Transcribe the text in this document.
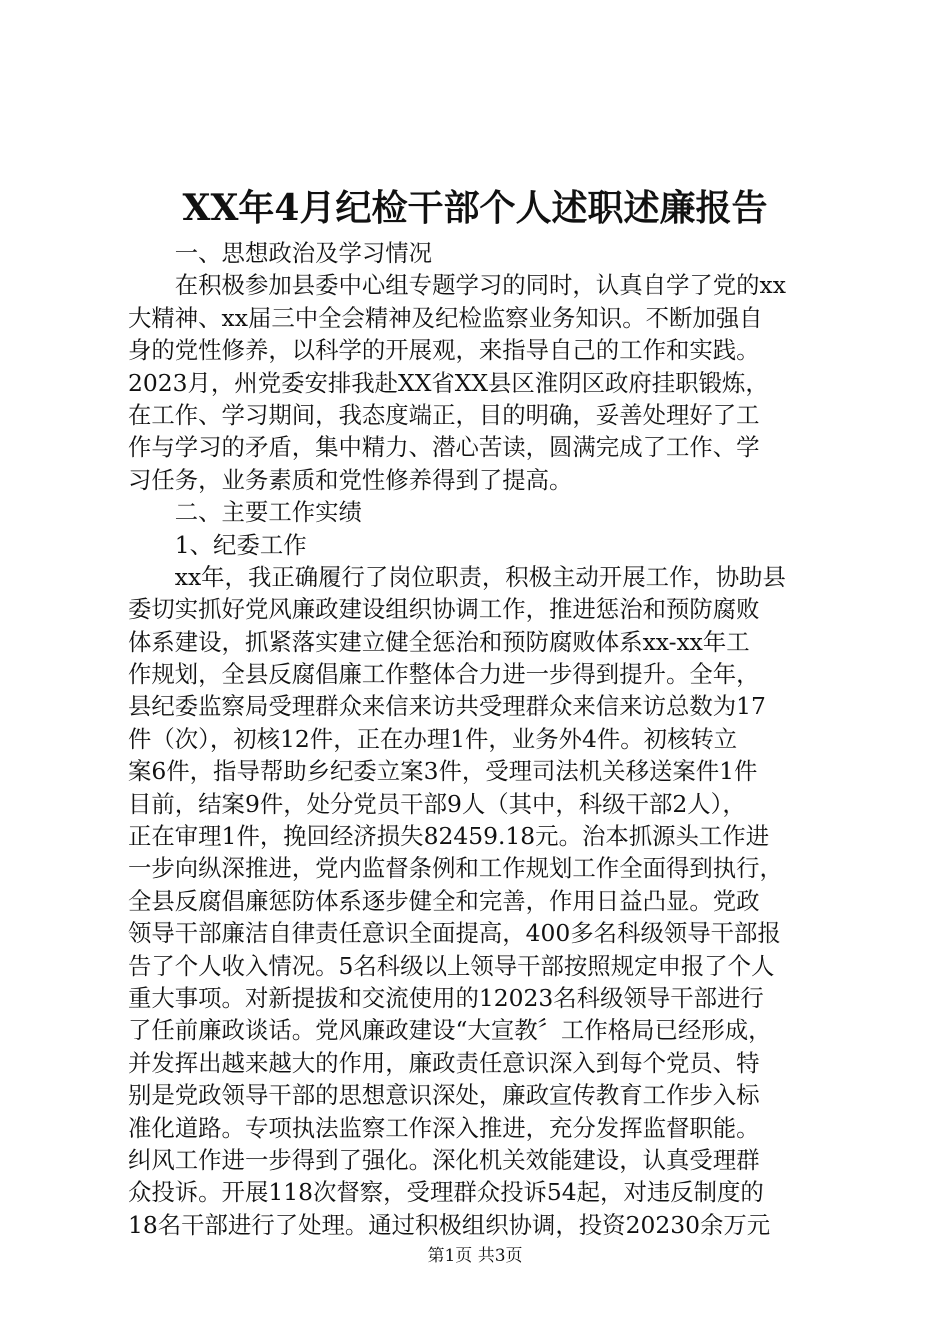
XX年4月纪检干部个人述职述廉报告
　　一、思想政治及学习情况
　　在积极参加县委中心组专题学习的同时，认真自学了党的xx
大精神、xx届三中全会精神及纪检监察业务知识。不断加强自
身的党性修养，以科学的开展观，来指导自己的工作和实践。
2023月，州党委安排我赴XX省XX县区淮阴区政府挂职锻炼，
在工作、学习期间，我态度端正，目的明确，妥善处理好了工
作与学习的矛盾，集中精力、潜心苦读，圆满完成了工作、学
习任务，业务素质和党性修养得到了提高。
　　二、主要工作实绩
　　1、纪委工作
　　xx年，我正确履行了岗位职责，积极主动开展工作，协助县
委切实抓好党风廉政建设组织协调工作，推进惩治和预防腐败
体系建设，抓紧落实建立健全惩治和预防腐败体系xx-xx年工
作规划，全县反腐倡廉工作整体合力进一步得到提升。全年，
县纪委监察局受理群众来信来访共受理群众来信来访总数为17
件（次），初核12件，正在办理1件，业务外4件。初核转立
案6件，指导帮助乡纪委立案3件，受理司法机关移送案件1件
目前，结案9件，处分党员干部9人（其中，科级干部2人），
正在审理1件，挽回经济损失82459.18元。治本抓源头工作进
一步向纵深推进，党内监督条例和工作规划工作全面得到执行，
全县反腐倡廉惩防体系逐步健全和完善，作用日益凸显。党政
领导干部廉洁自律责任意识全面提高，400多名科级领导干部报
告了个人收入情况。5名科级以上领导干部按照规定申报了个人
重大事项。对新提拔和交流使用的12023名科级领导干部进行
了任前廉政谈话。党风廉政建设“大宣教〞工作格局已经形成，
并发挥出越来越大的作用，廉政责任意识深入到每个党员、特
别是党政领导干部的思想意识深处，廉政宣传教育工作步入标
准化道路。专项执法监察工作深入推进，充分发挥监督职能。
纠风工作进一步得到了强化。深化机关效能建设，认真受理群
众投诉。开展118次督察，受理群众投诉54起，对违反制度的
18名干部进行了处理。通过积极组织协调，投资20230余万元
第1页 共3页
